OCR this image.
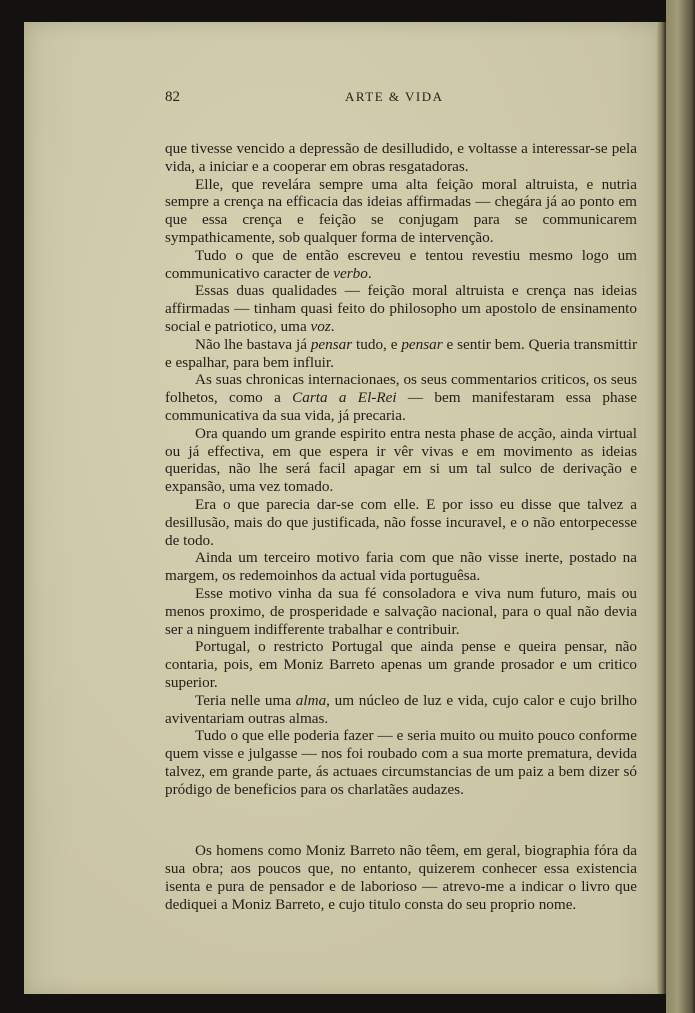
82	ARTE & VIDA

que tivesse vencido a depressão de desilludido, e voltasse a interessar-se pela vida, a iniciar e a cooperar em obras resgatadoras.

Elle, que revelára sempre uma alta feição moral altruista, e nutria sempre a crença na efficacia das ideias affirmadas — chegára já ao ponto em que essa crença e feição se conjugam para se communicarem sympathicamente, sob qualquer forma de intervenção.

Tudo o que de então escreveu e tentou revestiu mesmo logo um communicativo caracter de verbo.

Essas duas qualidades — feição moral altruista e crença nas ideias affirmadas — tinham quasi feito do philosopho um apostolo de ensinamento social e patriotico, uma voz.

Não lhe bastava já pensar tudo, e pensar e sentir bem. Queria transmittir e espalhar, para bem influir.

As suas chronicas internacionaes, os seus commentarios criticos, os seus folhetos, como a Carta a El-Rei — bem manifestaram essa phase communicativa da sua vida, já precaria.

Ora quando um grande espirito entra nesta phase de acção, ainda virtual ou já effectiva, em que espera ir vêr vivas e em movimento as ideias queridas, não lhe será facil apagar em si um tal sulco de derivação e expansão, uma vez tomado.

Era o que parecia dar-se com elle. E por isso eu disse que talvez a desillusão, mais do que justificada, não fosse incuravel, e o não entorpecesse de todo.

Ainda um terceiro motivo faria com que não visse inerte, postado na margem, os redemoinhos da actual vida portuguêsa.

Esse motivo vinha da sua fé consoladora e viva num futuro, mais ou menos proximo, de prosperidade e salvação nacional, para o qual não devia ser a ninguem indifferente trabalhar e contribuir.

Portugal, o restricto Portugal que ainda pense e queira pensar, não contaria, pois, em Moniz Barreto apenas um grande prosador e um critico superior.

Teria nelle uma alma, um núcleo de luz e vida, cujo calor e cujo brilho aviventariam outras almas.

Tudo o que elle poderia fazer — e seria muito ou muito pouco conforme quem visse e julgasse — nos foi roubado com a sua morte prematura, devida talvez, em grande parte, ás actuaes circumstancias de um paiz a bem dizer só pródigo de beneficios para os charlatães audazes.

Os homens como Moniz Barreto não têem, em geral, biographia fóra da sua obra; aos poucos que, no entanto, quizerem conhecer essa existencia isenta e pura de pensador e de laborioso — atrevo-me a indicar o livro que dediquei a Moniz Barreto, e cujo titulo consta do seu proprio nome.
